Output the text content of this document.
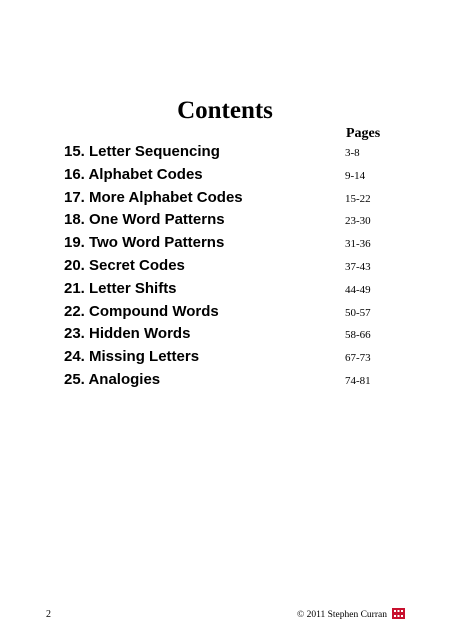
Contents
Pages
15. Letter Sequencing	3-8
16. Alphabet Codes	9-14
17. More Alphabet Codes	15-22
18. One Word Patterns	23-30
19. Two Word Patterns	31-36
20. Secret Codes	37-43
21. Letter Shifts	44-49
22. Compound Words	50-57
23. Hidden Words	58-66
24. Missing Letters	67-73
25. Analogies	74-81
2	© 2011 Stephen Curran
